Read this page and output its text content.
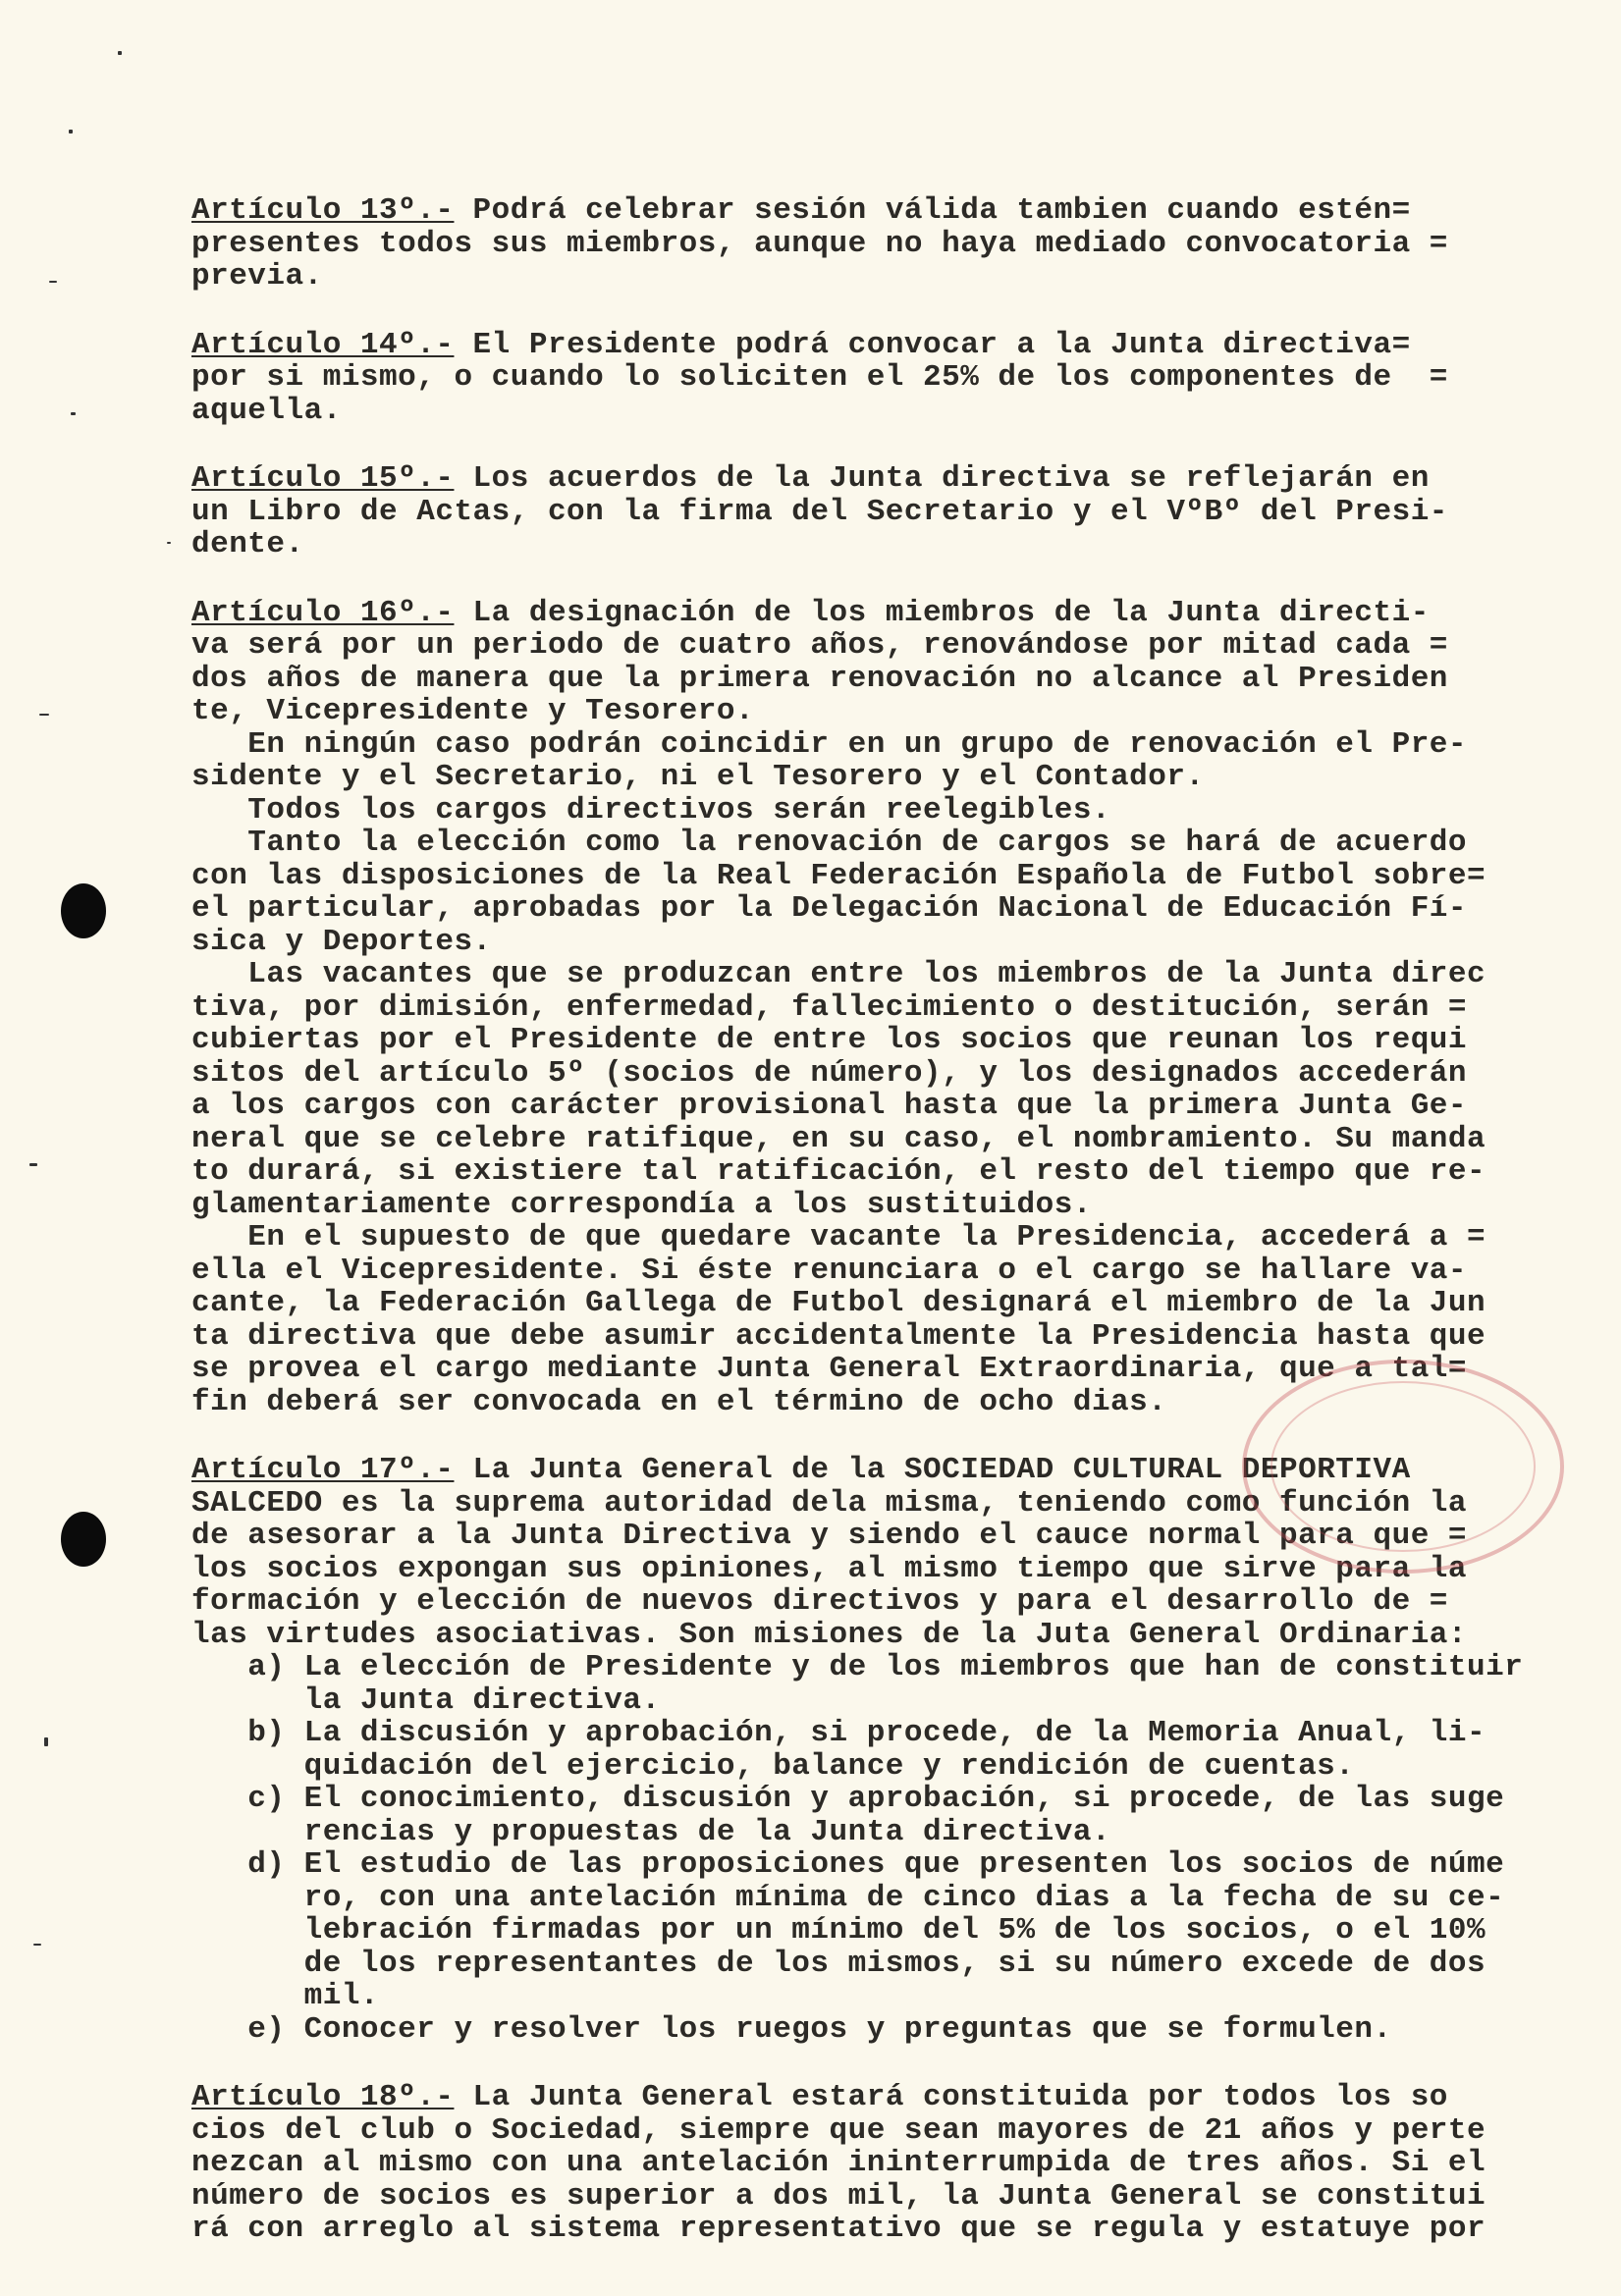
Artículo 13º.- Podrá celebrar sesión válida tambien cuando estén=
presentes todos sus miembros, aunque no haya mediado convocatoria =
previa.
Artículo 14º.- El Presidente podrá convocar a la Junta directiva=
por si mismo, o cuando lo soliciten el 25% de los componentes de  =
aquella.
Artículo 15º.- Los acuerdos de la Junta directiva se reflejarán en
un Libro de Actas, con la firma del Secretario y el VºBº del Presi-
dente.
Artículo 16º.- La designación de los miembros de la Junta directi-
va será por un periodo de cuatro años, renovándose por mitad cada =
dos años de manera que la primera renovación no alcance al Presiden
te, Vicepresidente y Tesorero.
En ningún caso podrán coincidir en un grupo de renovación el Pre-
sidente y el Secretario, ni el Tesorero y el Contador.
Todos los cargos directivos serán reelegibles.
Tanto la elección como la renovación de cargos se hará de acuerdo
con las disposiciones de la Real Federación Española de Futbol sobre=
el particular, aprobadas por la Delegación Nacional de Educación Fí-
sica y Deportes.
Las vacantes que se produzcan entre los miembros de la Junta direc
tiva, por dimisión, enfermedad, fallecimiento o destitución, serán =
cubiertas por el Presidente de entre los socios que reunan los requi
sitos del artículo 5º (socios de número), y los designados accederán
a los cargos con carácter provisional hasta que la primera Junta Ge-
neral que se celebre ratifique, en su caso, el nombramiento. Su manda
to durará, si existiere tal ratificación, el resto del tiempo que re-
glamentariamente correspondía a los sustituidos.
En el supuesto de que quedare vacante la Presidencia, accederá a =
ella el Vicepresidente. Si éste renunciara o el cargo se hallare va-
cante, la Federación Gallega de Futbol designará el miembro de la Jun
ta directiva que debe asumir accidentalmente la Presidencia hasta que
se provea el cargo mediante Junta General Extraordinaria, que a tal=
fin deberá ser convocada en el término de ocho dias.
Artículo 17º.- La Junta General de la SOCIEDAD CULTURAL DEPORTIVA
SALCEDO es la suprema autoridad dela misma, teniendo como función la
de asesorar a la Junta Directiva y siendo el cauce normal para que =
los socios expongan sus opiniones, al mismo tiempo que sirve para la
formación y elección de nuevos directivos y para el desarrollo de =
las virtudes asociativas. Son misiones de la Juta General Ordinaria:
a) La elección de Presidente y de los miembros que han de constituir
la Junta directiva.
b) La discusión y aprobación, si procede, de la Memoria Anual, li-
quidación del ejercicio, balance y rendición de cuentas.
c) El conocimiento, discusión y aprobación, si procede, de las suge
rencias y propuestas de la Junta directiva.
d) El estudio de las proposiciones que presenten los socios de núme
ro, con una antelación mínima de cinco dias a la fecha de su ce-
lebración firmadas por un mínimo del 5% de los socios, o el 10%
de los representantes de los mismos, si su número excede de dos
mil.
e) Conocer y resolver los ruegos y preguntas que se formulen.
Artículo 18º.- La Junta General estará constituida por todos los so
cios del club o Sociedad, siempre que sean mayores de 21 años y perte
nezcan al mismo con una antelación ininterrumpida de tres años. Si el
número de socios es superior a dos mil, la Junta General se constitui
rá con arreglo al sistema representativo que se regula y estatuye por
